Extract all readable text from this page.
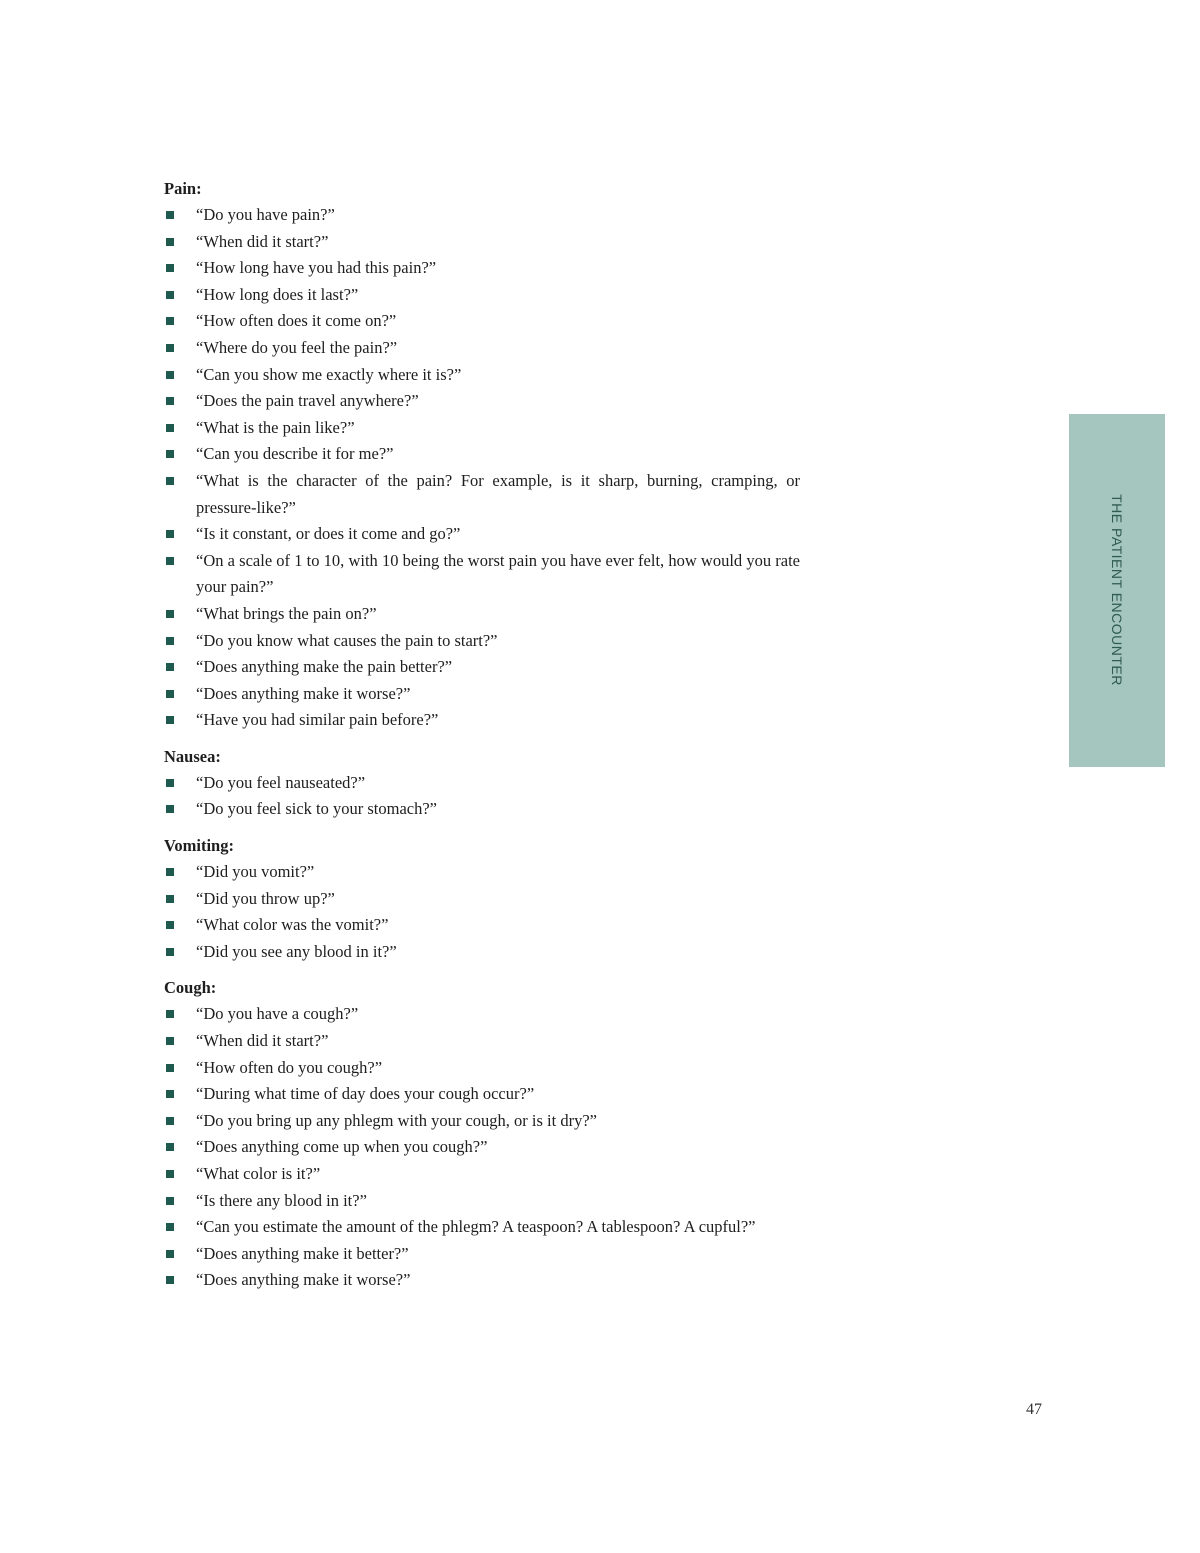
Pain:
“Do you have pain?”
“When did it start?”
“How long have you had this pain?”
“How long does it last?”
“How often does it come on?”
“Where do you feel the pain?”
“Can you show me exactly where it is?”
“Does the pain travel anywhere?”
“What is the pain like?”
“Can you describe it for me?”
“What is the character of the pain? For example, is it sharp, burning, cramping, or pressure-like?”
“Is it constant, or does it come and go?”
“On a scale of 1 to 10, with 10 being the worst pain you have ever felt, how would you rate your pain?”
“What brings the pain on?”
“Do you know what causes the pain to start?”
“Does anything make the pain better?”
“Does anything make it worse?”
“Have you had similar pain before?”
Nausea:
“Do you feel nauseated?”
“Do you feel sick to your stomach?”
Vomiting:
“Did you vomit?”
“Did you throw up?”
“What color was the vomit?”
“Did you see any blood in it?”
Cough:
“Do you have a cough?”
“When did it start?”
“How often do you cough?”
“During what time of day does your cough occur?”
“Do you bring up any phlegm with your cough, or is it dry?”
“Does anything come up when you cough?”
“What color is it?”
“Is there any blood in it?”
“Can you estimate the amount of the phlegm? A teaspoon? A tablespoon? A cupful?”
“Does anything make it better?”
“Does anything make it worse?”
THE PATIENT ENCOUNTER
47
